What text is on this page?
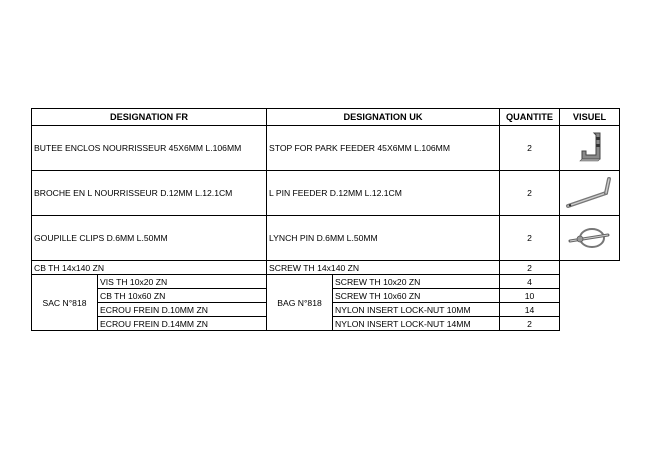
DESIGNATION FR		DESIGNATION UK		QUANTITE	VISUEL
BUTEE ENCLOS NOURRISSEUR 45X6MM L.106MM		STOP FOR PARK FEEDER 45X6MM L.106MM		2	

BROCHE EN L NOURRISSEUR D.12MM L.12.1CM		L PIN FEEDER D.12MM L.12.1CM		2	

GOUPILLE CLIPS D.6MM L.50MM		LYNCH PIN D.6MM L.50MM		2	

CB TH 14x140 ZN		SCREW TH 14x140 ZN		2	
SAC N°818	VIS TH 10x20 ZN	BAG N°818	SCREW TH 10x20 ZN	4	
	CB TH 10x60 ZN		SCREW TH 10x60 ZN	10	
	ECROU FREIN D.10MM ZN		NYLON INSERT LOCK-NUT 10MM	14	
	ECROU FREIN D.14MM ZN		NYLON INSERT LOCK-NUT 14MM	2	
